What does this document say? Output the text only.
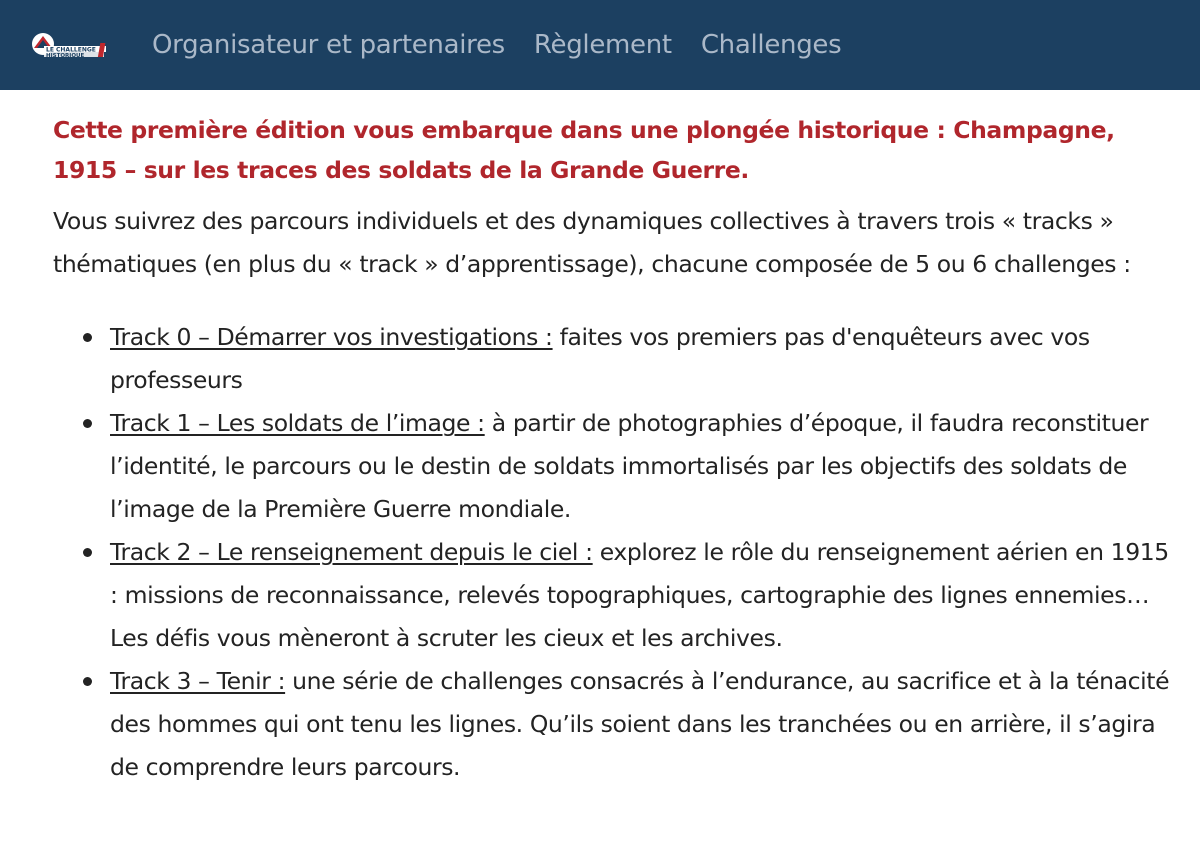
LE CHALLENGE
HISTORIQUE	Organisateur et partenaires Règlement Challenges

Cette première édition vous embarque dans une plongée historique : Champagne, 1915 – sur les traces des soldats de la Grande Guerre.

Vous suivrez des parcours individuels et des dynamiques collectives à travers trois « tracks » thématiques (en plus du « track » d’apprentissage), chacune composée de 5 ou 6 challenges :

Track 0 – Démarrer vos investigations : faites vos premiers pas d'enquêteurs avec vos professeurs
Track 1 – Les soldats de l’image : à partir de photographies d’époque, il faudra reconstituer l’identité, le parcours ou le destin de soldats immortalisés par les objectifs des soldats de l’image de la Première Guerre mondiale.
Track 2 – Le renseignement depuis le ciel : explorez le rôle du renseignement aérien en 1915 : missions de reconnaissance, relevés topographiques, cartographie des lignes ennemies… Les défis vous mèneront à scruter les cieux et les archives.
Track 3 – Tenir : une série de challenges consacrés à l’endurance, au sacrifice et à la ténacité des hommes qui ont tenu les lignes. Qu’ils soient dans les tranchées ou en arrière, il s’agira de comprendre leurs parcours.
